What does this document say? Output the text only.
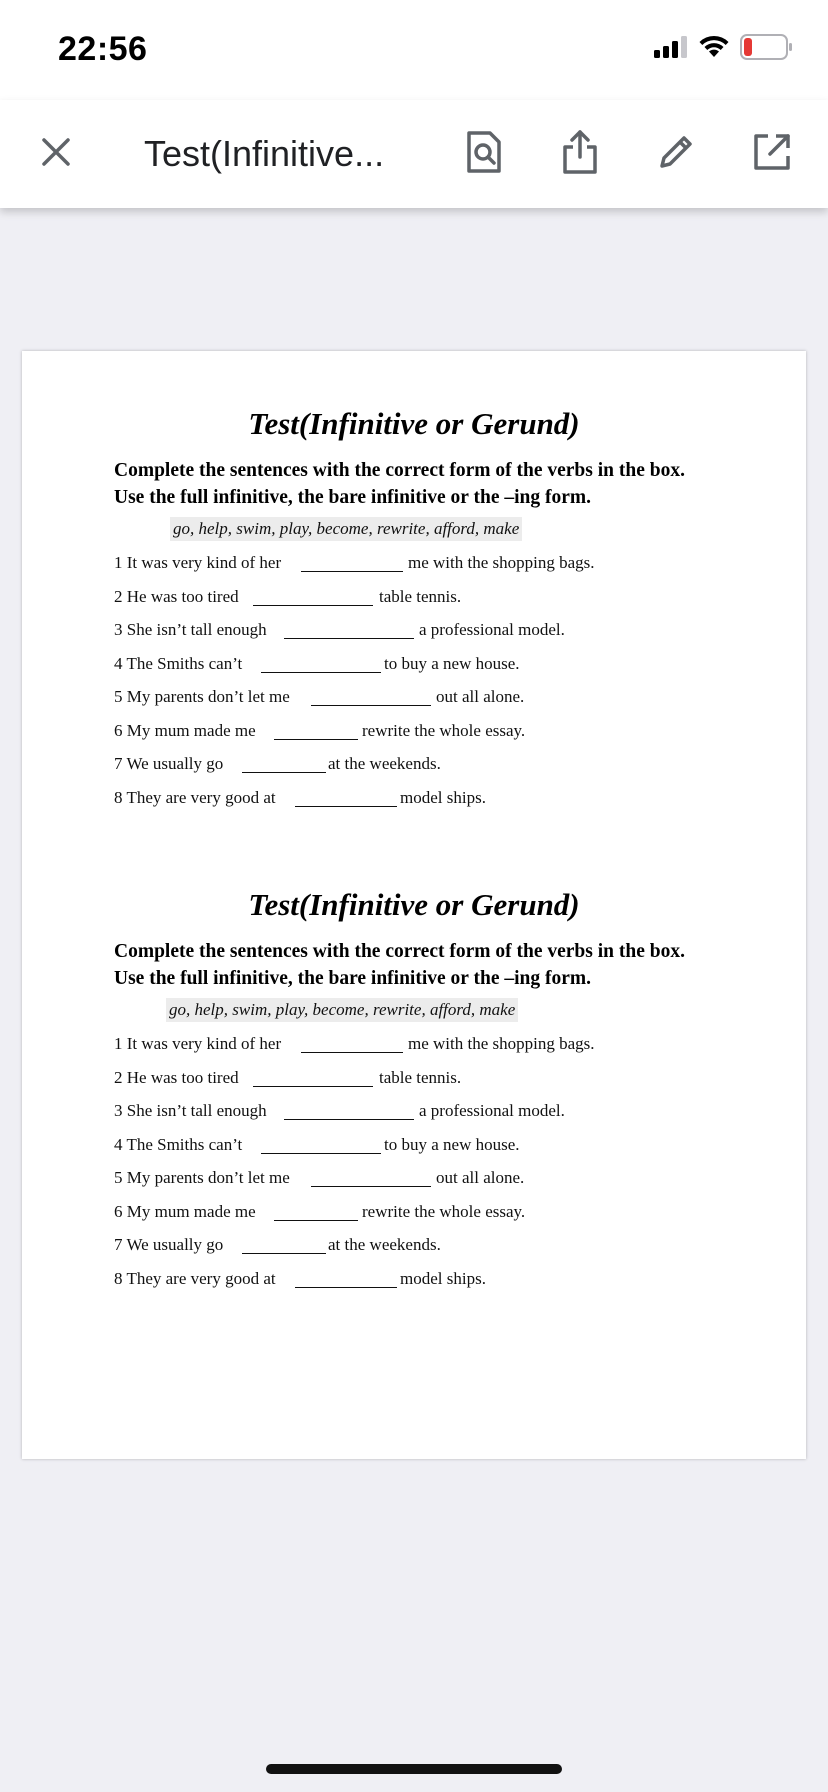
22:56
Test(Infinitive...
Test(Infinitive or Gerund)
Complete the sentences with the correct form of the verbs in the box.
Use the full infinitive, the bare infinitive or the –ing form.
go, help, swim, play, become, rewrite, afford, make
1 It was very kind of her	me with the shopping bags.
2 He was too tired	table tennis.
3 She isn’t tall enough	a professional model.
4 The Smiths can’t	to buy a new house.
5 My parents don’t let me	out all alone.
6 My mum made me	rewrite the whole essay.
7 We usually go	at the weekends.
8 They are very good at	model ships.
Test(Infinitive or Gerund)
Complete the sentences with the correct form of the verbs in the box.
Use the full infinitive, the bare infinitive or the –ing form.
go, help, swim, play, become, rewrite, afford, make
1 It was very kind of her	me with the shopping bags.
2 He was too tired	table tennis.
3 She isn’t tall enough	a professional model.
4 The Smiths can’t	to buy a new house.
5 My parents don’t let me	out all alone.
6 My mum made me	rewrite the whole essay.
7 We usually go	at the weekends.
8 They are very good at	model ships.
